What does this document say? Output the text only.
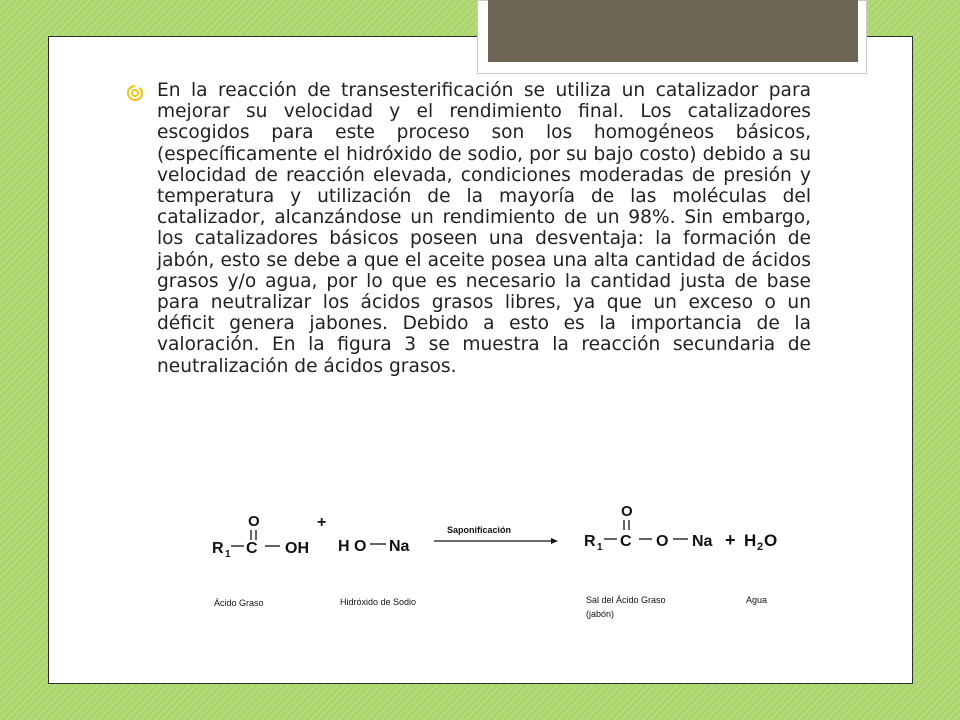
En la reacción de transesterificación se utiliza un catalizador para mejorar su velocidad y el rendimiento final. Los catalizadores escogidos para este proceso son los homogéneos básicos, (específicamente el hidróxido de sodio, por su bajo costo) debido a su velocidad de reacción elevada, condiciones moderadas de presión y temperatura y utilización de la mayoría de las moléculas del catalizador, alcanzándose un rendimiento de un 98%. Sin embargo, los catalizadores básicos poseen una desventaja: la formación de jabón, esto se debe a que el aceite posea una alta cantidad de ácidos grasos y/o agua, por lo que es necesario la cantidad justa de base para neutralizar los ácidos grasos libres, ya que un exceso o un déficit genera jabones. Debido a esto es la importancia de la valoración. En la figura 3 se muestra la reacción secundaria de neutralización de ácidos grasos.

O
R 1 C OH
+
H O Na
Saponificación
O
R 1 C O Na + H 2 O
Ácido Graso	Hidróxido de Sodio	Sal del Ácido Graso
(jabón)
Agua
